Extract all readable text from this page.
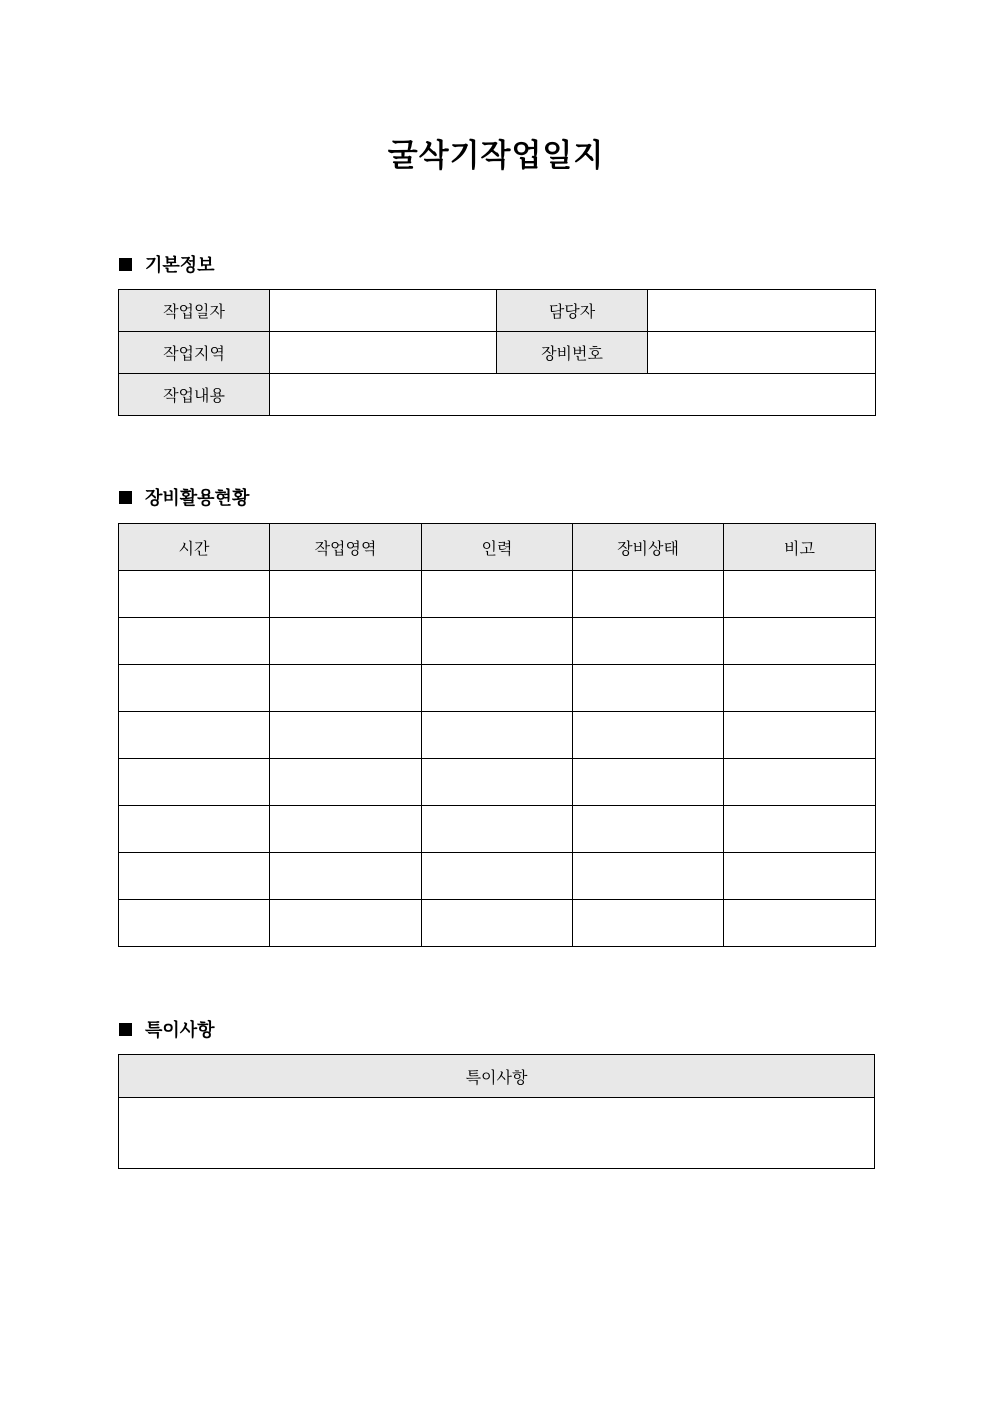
굴삭기작업일지
기본정보
작업일자		담당자	
작업지역		장비번호	
작업내용			
장비활용현황
시간	작업영역	인력	장비상태	비고

특이사항
특이사항
